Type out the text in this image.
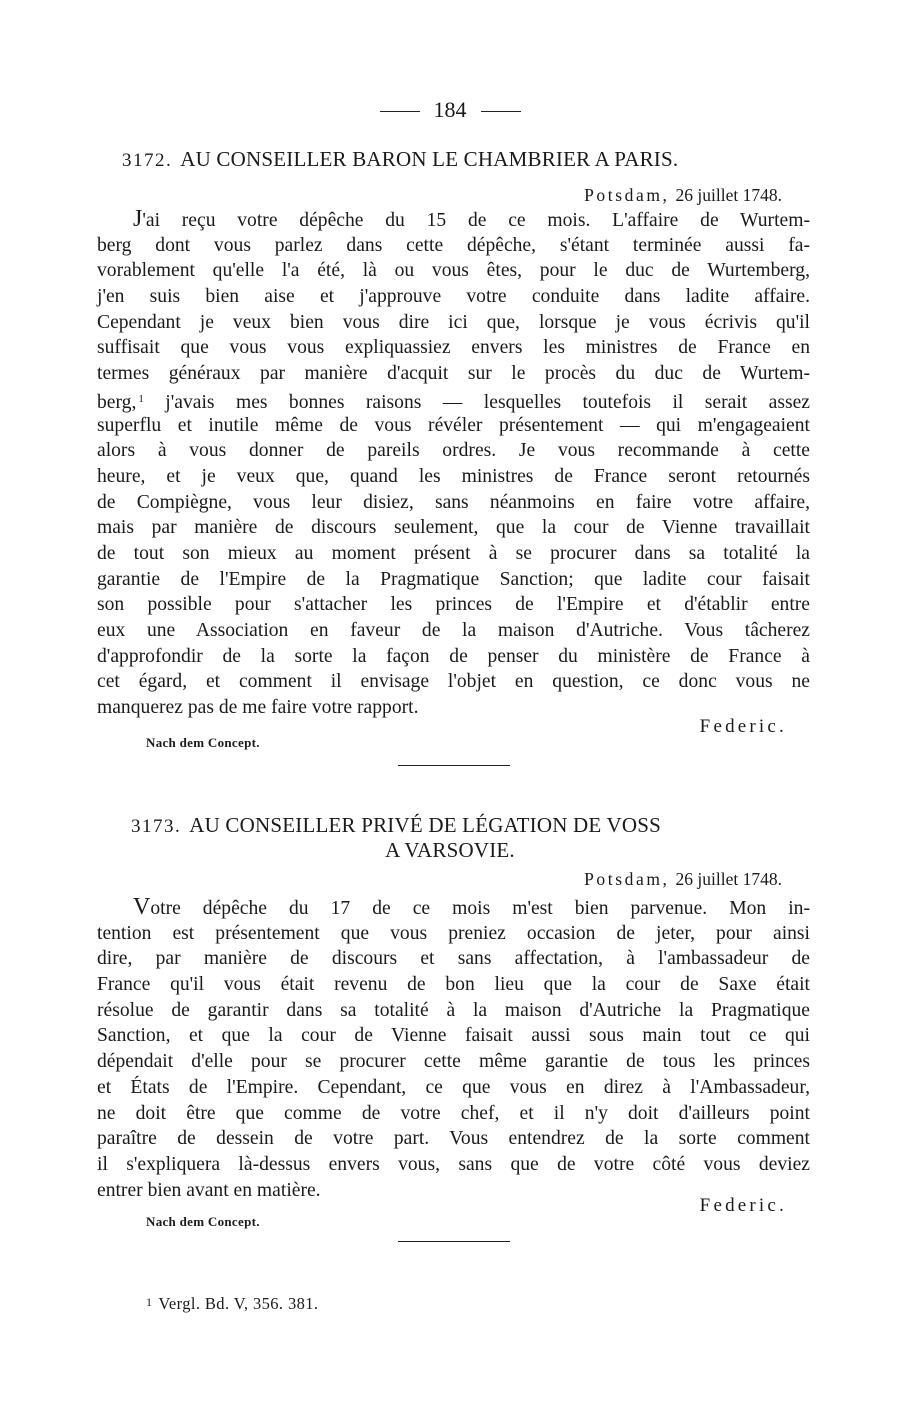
184
3172. AU CONSEILLER BARON LE CHAMBRIER A PARIS.
Potsdam, 26 juillet 1748.
J'ai reçu votre dépêche du 15 de ce mois. L'affaire de Wurtem-
berg dont vous parlez dans cette dépêche, s'étant terminée aussi fa-
vorablement qu'elle l'a été, là ou vous êtes, pour le duc de Wurtemberg,
j'en suis bien aise et j'approuve votre conduite dans ladite affaire.
Cependant je veux bien vous dire ici que, lorsque je vous écrivis qu'il
suffisait que vous vous expliquassiez envers les ministres de France en
termes généraux par manière d'acquit sur le procès du duc de Wurtem-
berg, $^1$ j'avais mes bonnes raisons — lesquelles toutefois il serait assez
superflu et inutile même de vous révéler présentement — qui m'engageaient
alors à vous donner de pareils ordres. Je vous recommande à cette
heure, et je veux que, quand les ministres de France seront retournés
de Compiègne, vous leur disiez, sans néanmoins en faire votre affaire,
mais par manière de discours seulement, que la cour de Vienne travaillait
de tout son mieux au moment présent à se procurer dans sa totalité la
garantie de l'Empire de la Pragmatique Sanction; que ladite cour faisait
son possible pour s'attacher les princes de l'Empire et d'établir entre
eux une Association en faveur de la maison d'Autriche. Vous tâcherez
d'approfondir de la sorte la façon de penser du ministère de France à
cet égard, et comment il envisage l'objet en question, ce donc vous ne
manquerez pas de me faire votre rapport.
Federic.
Nach dem Concept.
3173. AU CONSEILLER PRIVÉ DE LÉGATION DE VOSS
A VARSOVIE.
Potsdam, 26 juillet 1748.
Votre dépêche du 17 de ce mois m'est bien parvenue. Mon in-
tention est présentement que vous preniez occasion de jeter, pour ainsi
dire, par manière de discours et sans affectation, à l'ambassadeur de
France qu'il vous était revenu de bon lieu que la cour de Saxe était
résolue de garantir dans sa totalité à la maison d'Autriche la Pragmatique
Sanction, et que la cour de Vienne faisait aussi sous main tout ce qui
dépendait d'elle pour se procurer cette même garantie de tous les princes
et États de l'Empire. Cependant, ce que vous en direz à l'Ambassadeur,
ne doit être que comme de votre chef, et il n'y doit d'ailleurs point
paraître de dessein de votre part. Vous entendrez de la sorte comment
il s'expliquera là-dessus envers vous, sans que de votre côté vous deviez
entrer bien avant en matière.
Federic.
Nach dem Concept.
1 Vergl. Bd. V, 356. 381.
